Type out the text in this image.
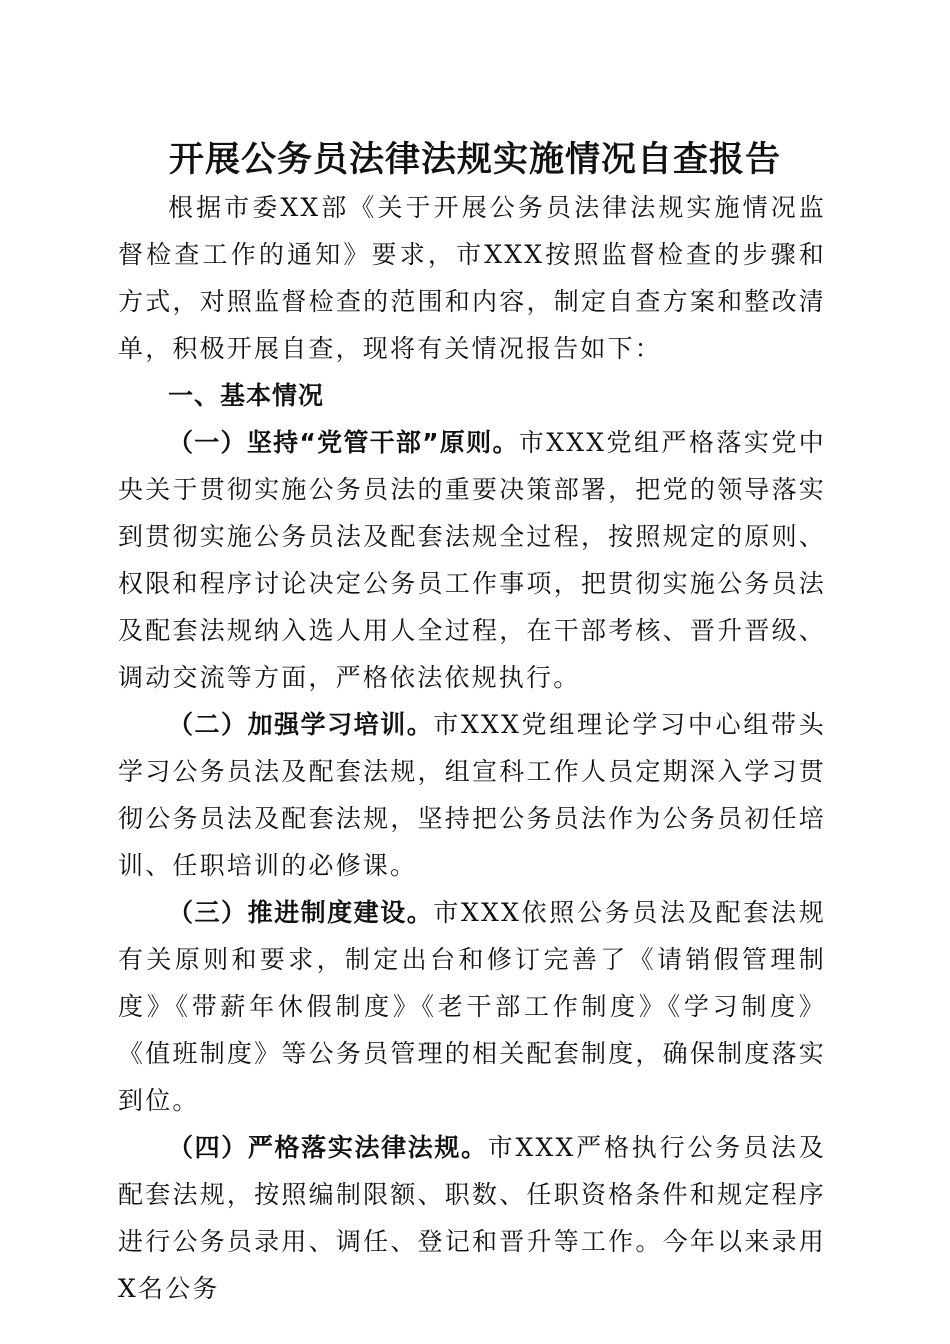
开展公务员法律法规实施情况自查报告

根据市委XX部《关于开展公务员法律法规实施情况监督检查工作的通知》要求，市XXX按照监督检查的步骤和方式，对照监督检查的范围和内容，制定自查方案和整改清单，积极开展自查，现将有关情况报告如下：

一、基本情况

（一）坚持“党管干部”原则。市XXX党组严格落实党中央关于贯彻实施公务员法的重要决策部署，把党的领导落实到贯彻实施公务员法及配套法规全过程，按照规定的原则、权限和程序讨论决定公务员工作事项，把贯彻实施公务员法及配套法规纳入选人用人全过程，在干部考核、晋升晋级、调动交流等方面，严格依法依规执行。

（二）加强学习培训。市XXX党组理论学习中心组带头学习公务员法及配套法规，组宣科工作人员定期深入学习贯彻公务员法及配套法规，坚持把公务员法作为公务员初任培训、任职培训的必修课。

（三）推进制度建设。市XXX依照公务员法及配套法规有关原则和要求，制定出台和修订完善了《请销假管理制度》《带薪年休假制度》《老干部工作制度》《学习制度》《值班制度》等公务员管理的相关配套制度，确保制度落实到位。

（四）严格落实法律法规。市XXX严格执行公务员法及配套法规，按照编制限额、职数、任职资格条件和规定程序进行公务员录用、调任、登记和晋升等工作。今年以来录用X名公务
